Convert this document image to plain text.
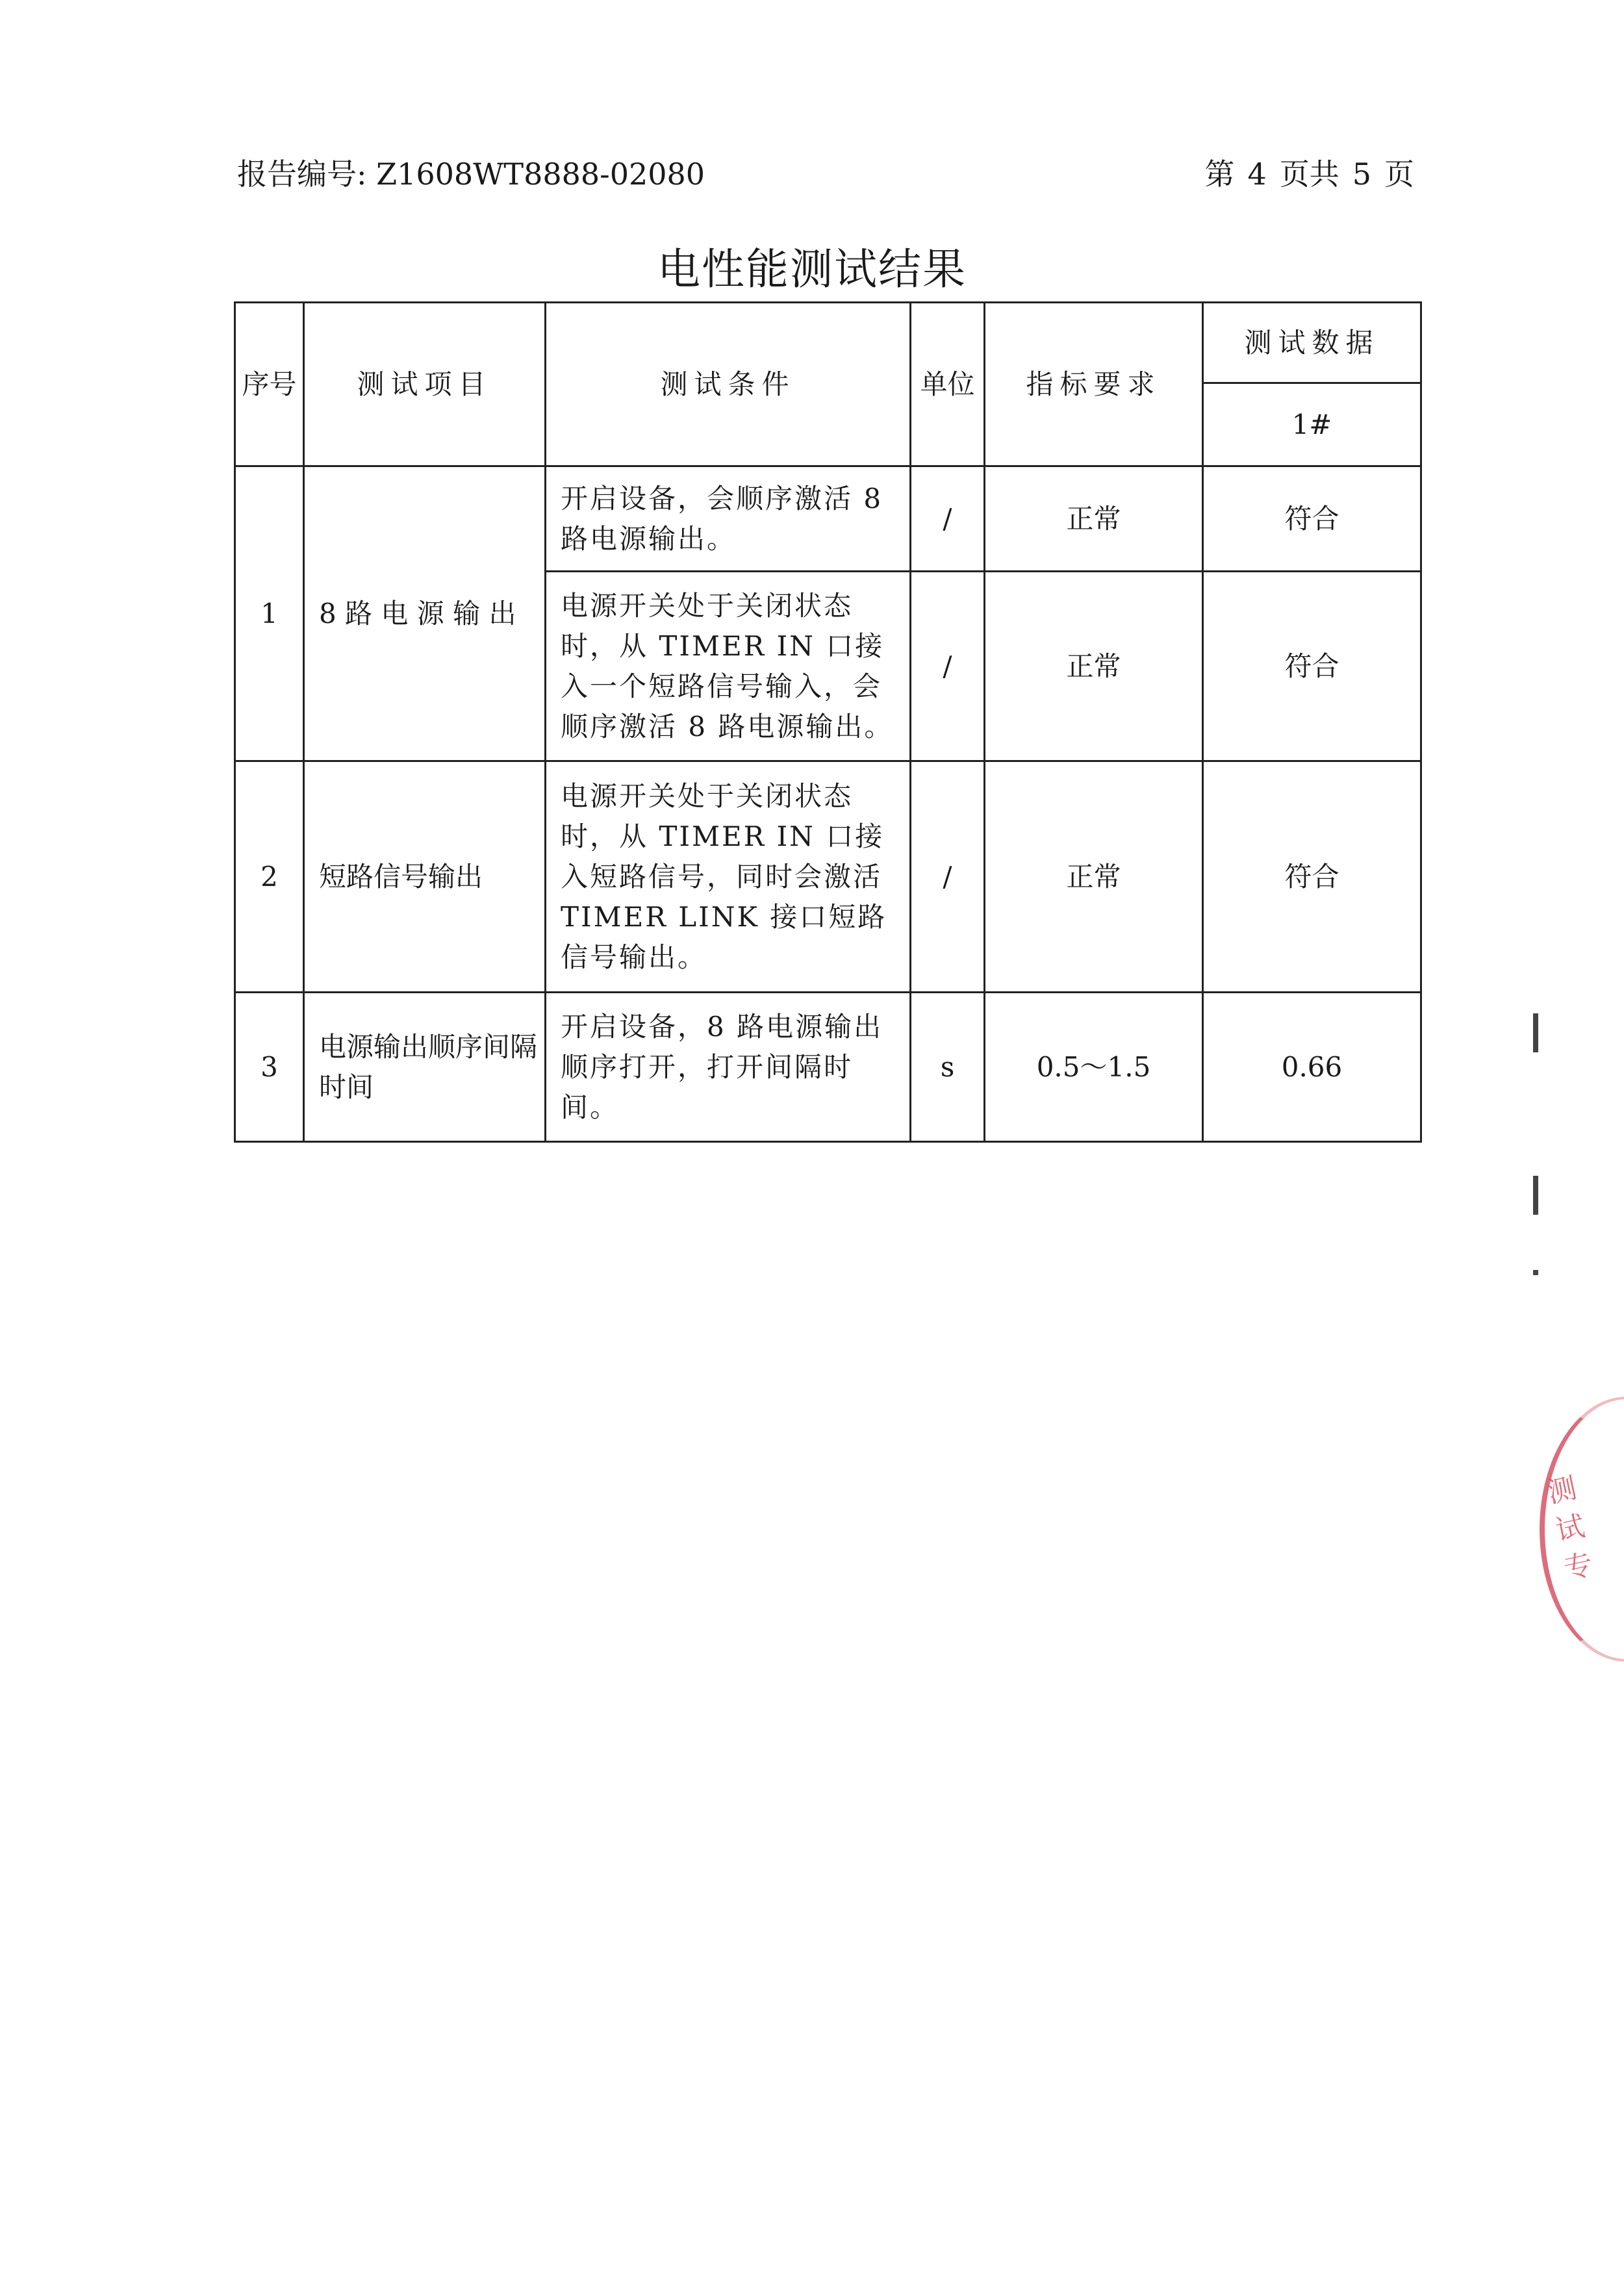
报告编号: Z1608WT8888-02080	第 4 页共 5 页
电性能测试结果
序号	测试项目	测试条件	单位	指标要求	测试数据
					1#
1	8 路 电 源 输 出	开启设备，会顺序激活 8 路电源输出。	/	正常	符合
		电源开关处于关闭状态时，从 TIMER IN 口接入一个短路信号输入，会顺序激活 8 路电源输出。	/	正常	符合
2	短路信号输出	电源开关处于关闭状态时，从 TIMER IN 口接入短路信号，同时会激活 TIMER LINK 接口短路信号输出。	/	正常	符合
3	电源输出顺序间隔时间	开启设备，8 路电源输出顺序打开，打开间隔时间。	s	0.5～1.5	0.66
测试专
